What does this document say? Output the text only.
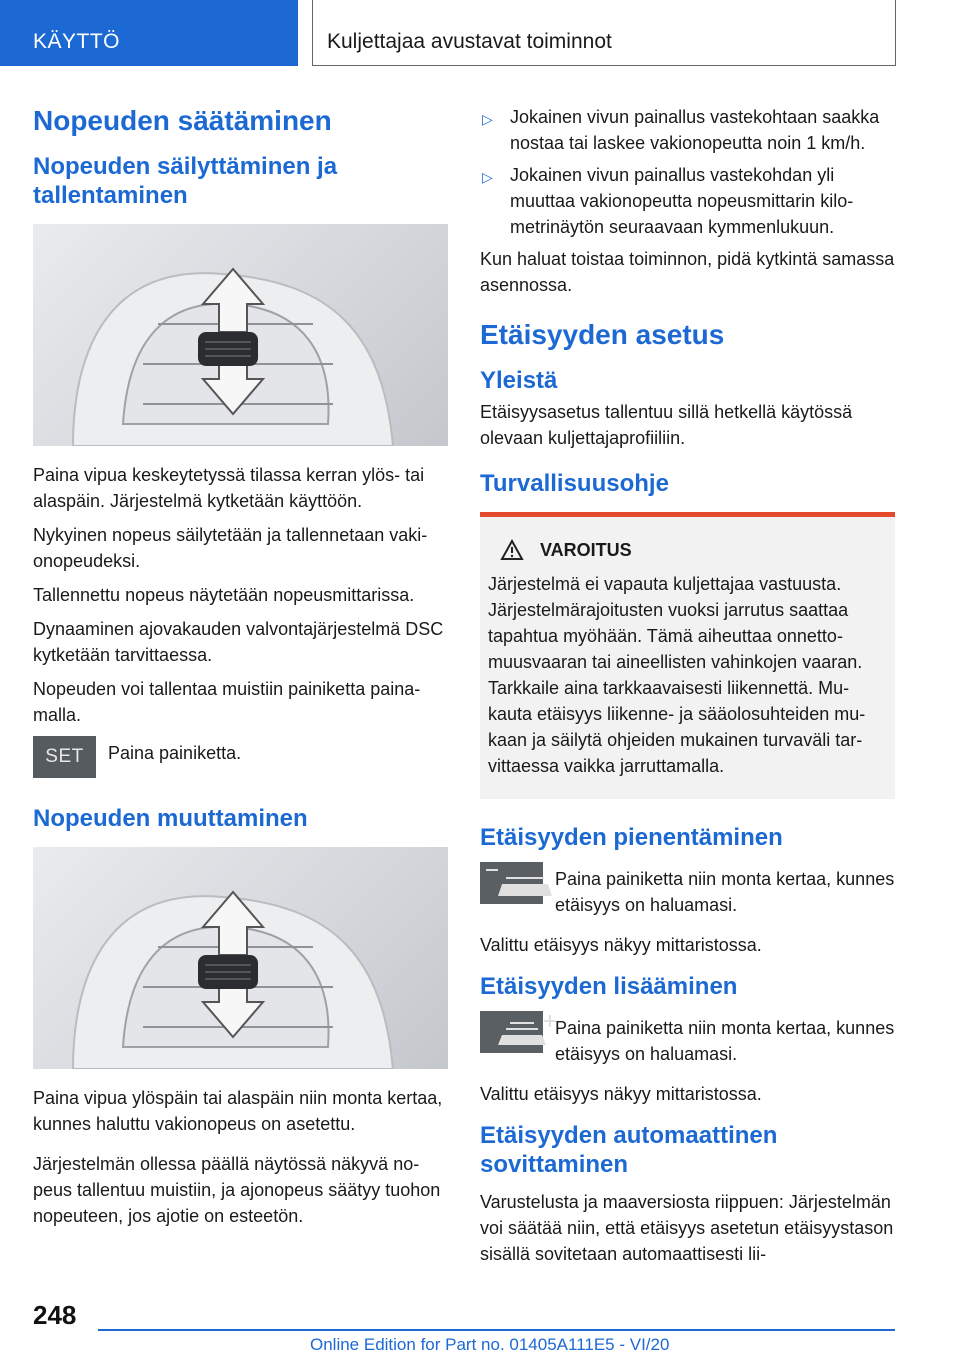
KÄYTTÖ	Kuljettajaa avustavat toiminnot
Nopeuden säätäminen
Nopeuden säilyttäminen ja tallentaminen

Paina vipua keskeytetyssä tilassa kerran ylös- tai alaspäin. Järjestelmä kytketään käyttöön.

Nykyinen nopeus säilytetään ja tallennetaan vakionopeudeksi.

Tallennettu nopeus näytetään nopeusmittarissa.

Dynaaminen ajovakauden valvontajärjestelmä DSC kytketään tarvittaessa.

Nopeuden voi tallentaa muistiin painiketta painamalla.

SET	Paina painiketta.

Nopeuden muuttaminen

Paina vipua ylöspäin tai alaspäin niin monta kertaa, kunnes haluttu vakionopeus on asetettu.

Järjestelmän ollessa päällä näytössä näkyvä nopeus tallentuu muistiin, ja ajonopeus säätyy tuohon nopeuteen, jos ajotie on esteetön.

▷ Jokainen vivun painallus vastekohtaan saakka nostaa tai laskee vakionopeutta noin 1 km/h.
▷ Jokainen vivun painallus vastekohdan yli muuttaa vakionopeutta nopeusmittarin kilometrinäytön seuraavaan kymmenlukuun.

Kun haluat toistaa toiminnon, pidä kytkintä samassa asennossa.

Etäisyyden asetus
Yleistä

Etäisyysasetus tallentuu sillä hetkellä käytössä olevaan kuljettajaprofiiliin.

Turvallisuusohje
VAROITUS

Järjestelmä ei vapauta kuljettajaa vastuusta. Järjestelmärajoitusten vuoksi jarrutus saattaa tapahtua myöhään. Tämä aiheuttaa onnettomuusvaaran tai aineellisten vahinkojen vaaran. Tarkkaile aina tarkkaavaisesti liikennettä. Mukauta etäisyys liikenne- ja sääolosuhteiden mukaan ja säilytä ohjeiden mukainen turvaväli tarvittaessa vaikka jarruttamalla.

Etäisyyden pienentäminen

Paina painiketta niin monta kertaa, kunnes etäisyys on haluamasi.

Valittu etäisyys näkyy mittaristossa.

Etäisyyden lisääminen

Paina painiketta niin monta kertaa, kunnes etäisyys on haluamasi.

Valittu etäisyys näkyy mittaristossa.

Etäisyyden automaattinen sovittaminen

Varustelusta ja maaversiosta riippuen: Järjestelmän voi säätää niin, että etäisyys asetetun etäisyystason sisällä sovitetaan automaattisesti lii-

248
Online Edition for Part no. 01405A111E5 - VI/20
